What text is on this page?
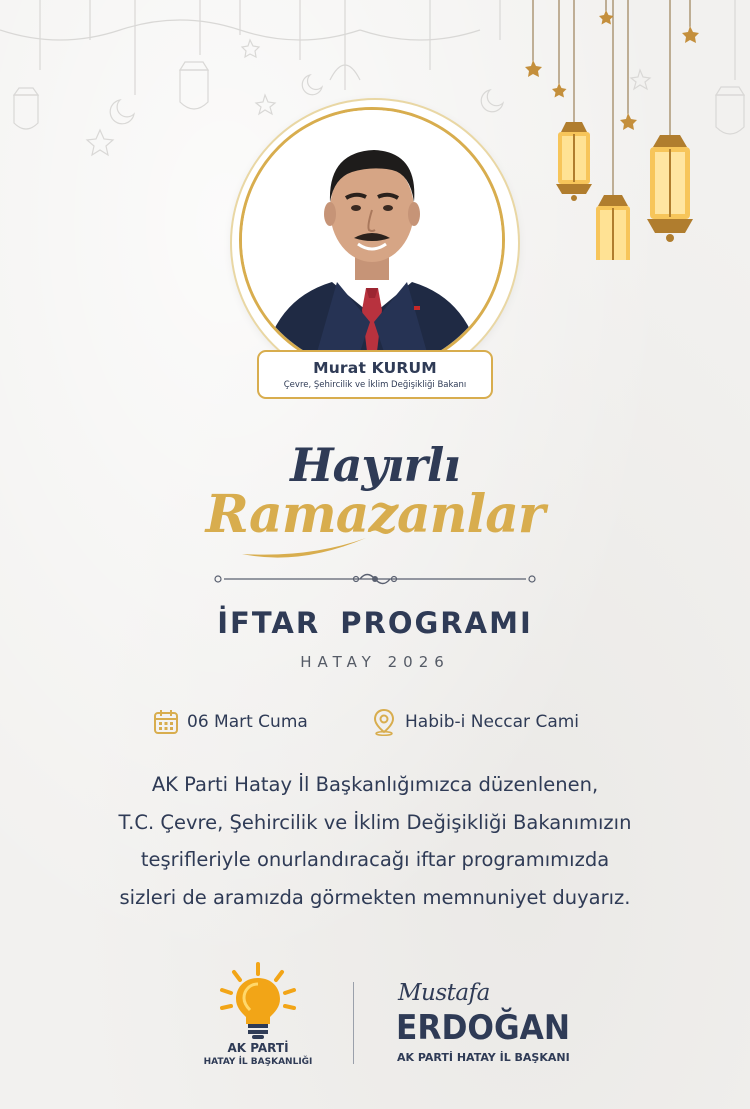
Murat KURUM
Çevre, Şehircilik ve İklim Değişikliği Bakanı
Hayırlı
Ramazanlar
İFTAR PROGRAMI
HATAY 2026
06 Mart Cuma	Habib-i Neccar Cami
AK Parti Hatay İl Başkanlığımızca düzenlenen,
T.C. Çevre, Şehircilik ve İklim Değişikliği Bakanımızın
teşrifleriyle onurlandıracağı iftar programımızda
sizleri de aramızda görmekten memnuniyet duyarız.
AK PARTİ
HATAY İL BAŞKANLIĞI
Mustafa
ERDOĞAN
AK PARTİ HATAY İL BAŞKANI
